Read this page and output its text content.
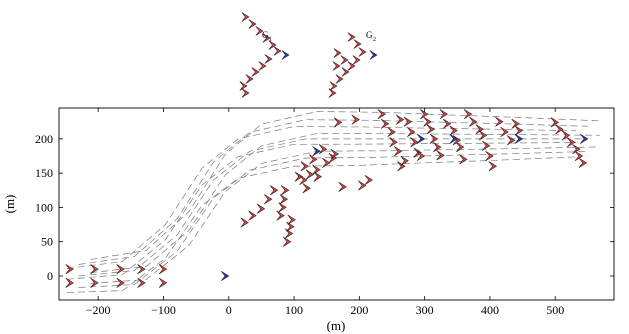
G 1	G 2
−200	−100	0	100	200	300	400	500
0
50
100
150
200
(m)
(m)
